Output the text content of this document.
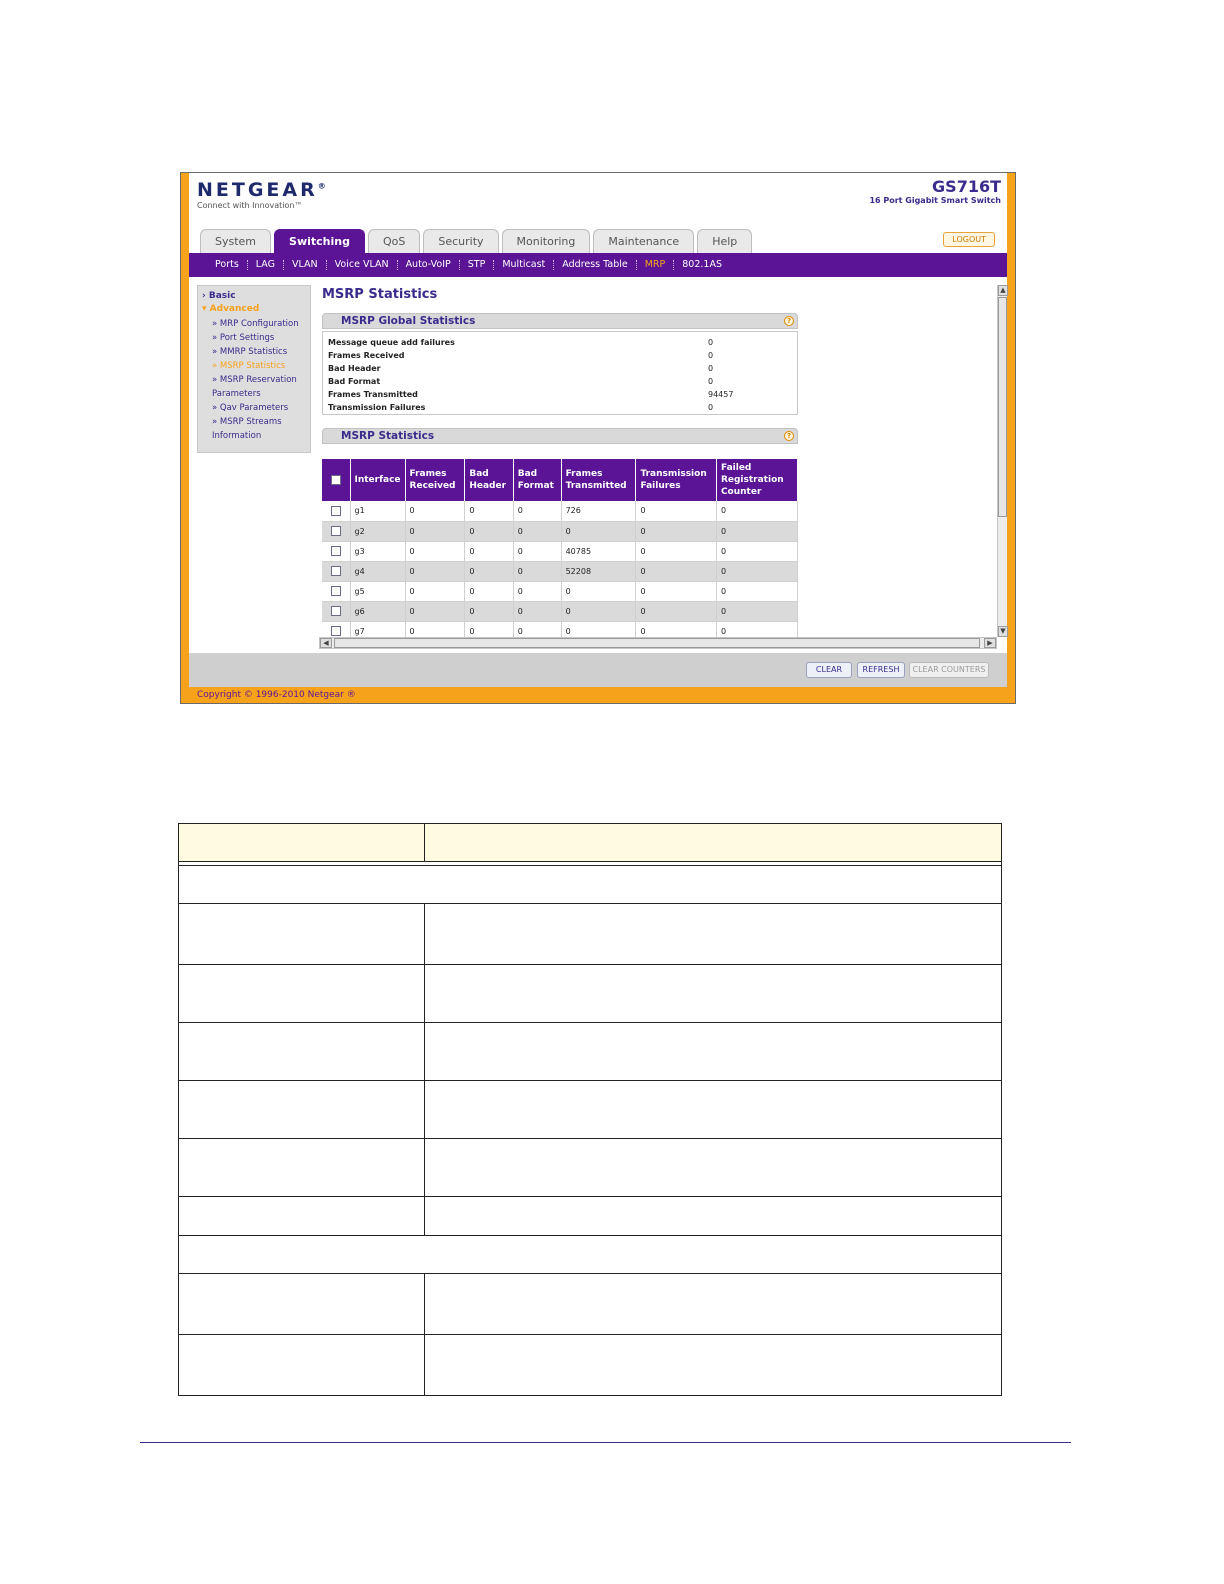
NETGEAR®
Connect with Innovation™
GS716T
16 Port Gigabit Smart Switch
System	Switching	QoS	Security	Monitoring	Maintenance	Help	LOGOUT
Ports	LAG	VLAN	Voice VLAN	Auto-VoIP	STP	Multicast	Address Table	MRP	802.1AS
› Basic
▾ Advanced
» MRP Configuration
» Port Settings
» MMRP Statistics
» MSRP Statistics
» MSRP Reservation Parameters
» Qav Parameters
» MSRP Streams Information
MSRP Statistics
MSRP Global Statistics	?
Message queue add failures	0
Frames Received	0
Bad Header	0
Bad Format	0
Frames Transmitted	94457
Transmission Failures	0
MSRP Statistics	?
	Interface	Frames Received	Bad Header	Bad Format	Frames Transmitted	Transmission Failures	Failed Registration Counter
	g1	0	0	0	726	0	0
	g2	0	0	0	0	0	0
	g3	0	0	0	40785	0	0
	g4	0	0	0	52208	0	0
	g5	0	0	0	0	0	0
	g6	0	0	0	0	0	0
	g7	0	0	0	0	0	0
▲
▼
◀	▶
CLEAR	REFRESH	CLEAR COUNTERS
Copyright © 1996-2010 Netgear ®
